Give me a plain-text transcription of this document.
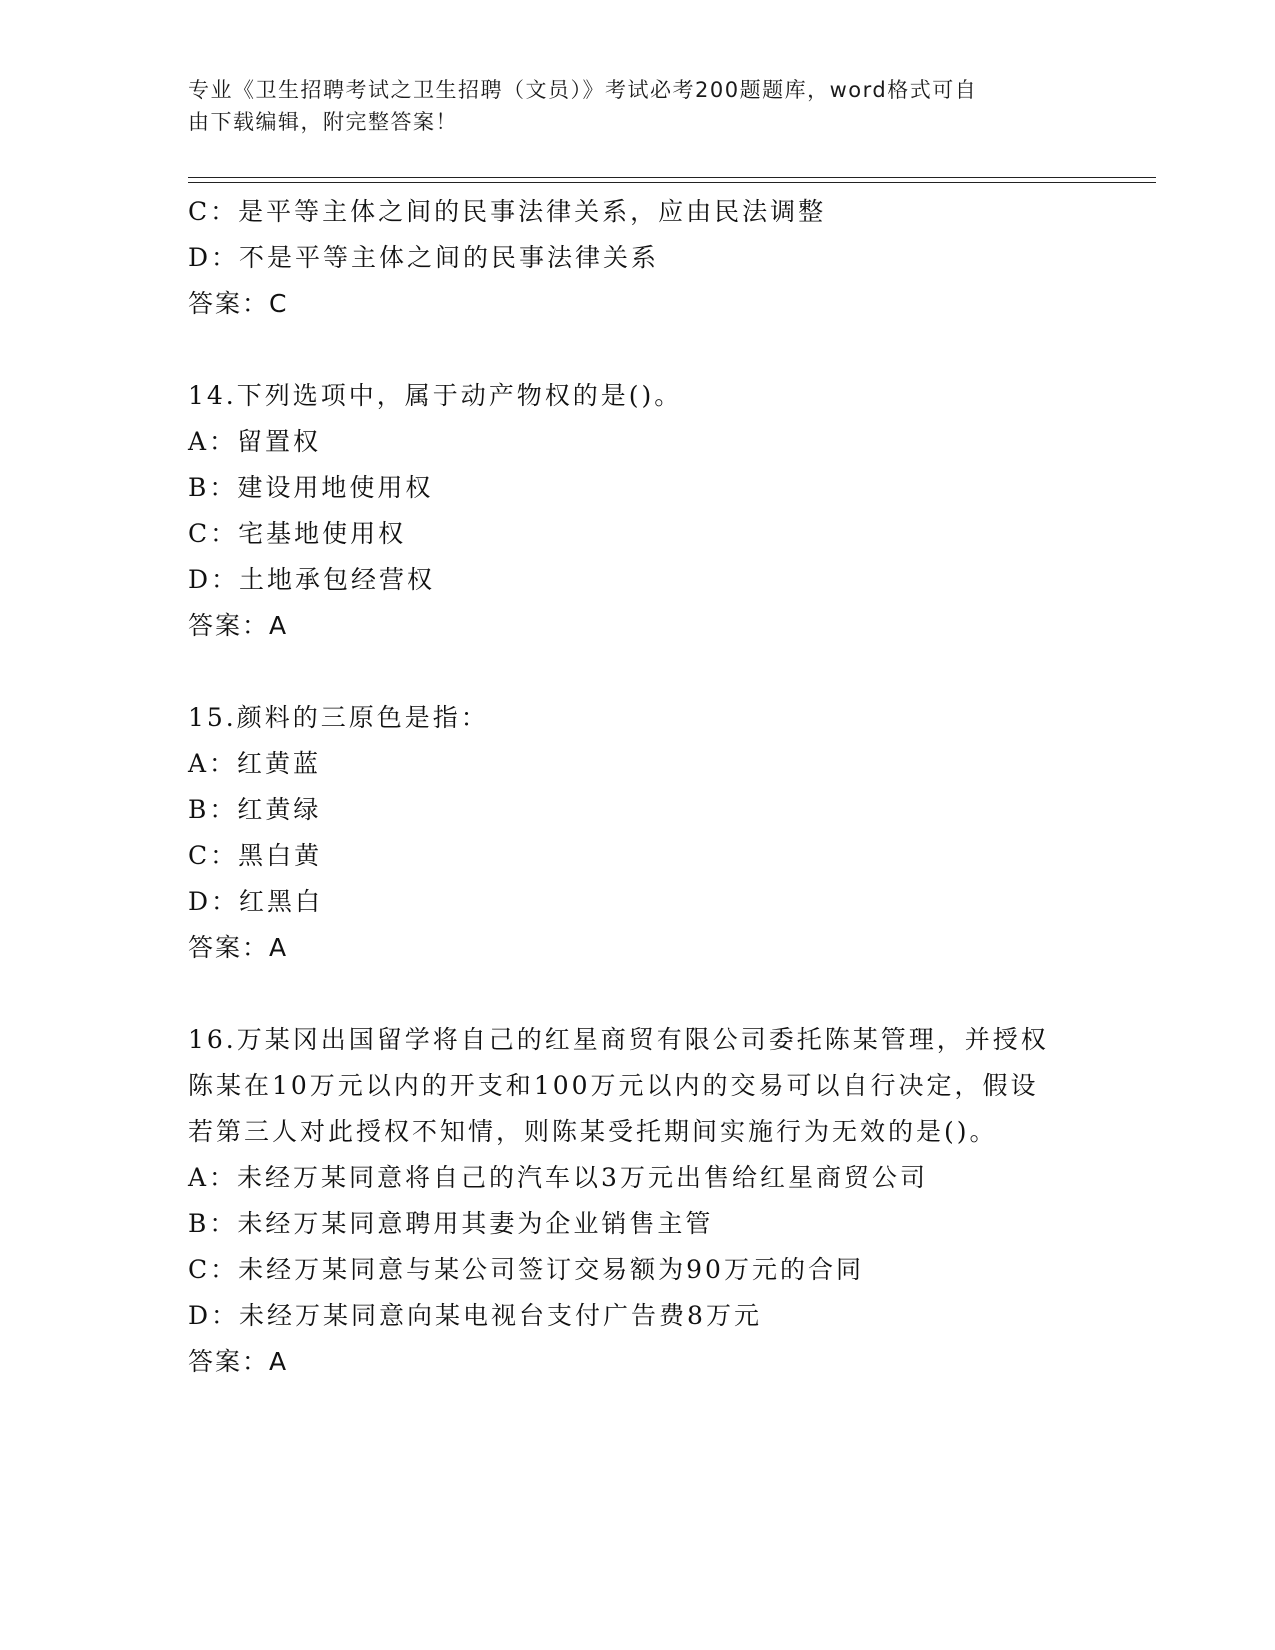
专业《卫生招聘考试之卫生招聘（文员）》考试必考200题题库，word格式可自
由下载编辑，附完整答案！
C：是平等主体之间的民事法律关系，应由民法调整
D：不是平等主体之间的民事法律关系
答案：C
14.下列选项中，属于动产物权的是()。
A：留置权
B：建设用地使用权
C：宅基地使用权
D：土地承包经营权
答案：A
15.颜料的三原色是指：
A：红黄蓝
B：红黄绿
C：黑白黄
D：红黑白
答案：A
16.万某冈出国留学将自己的红星商贸有限公司委托陈某管理，并授权
陈某在10万元以内的开支和100万元以内的交易可以自行决定，假设
若第三人对此授权不知情，则陈某受托期间实施行为无效的是()。
A：未经万某同意将自己的汽车以3万元出售给红星商贸公司
B：未经万某同意聘用其妻为企业销售主管
C：未经万某同意与某公司签订交易额为90万元的合同
D：未经万某同意向某电视台支付广告费8万元
答案：A
